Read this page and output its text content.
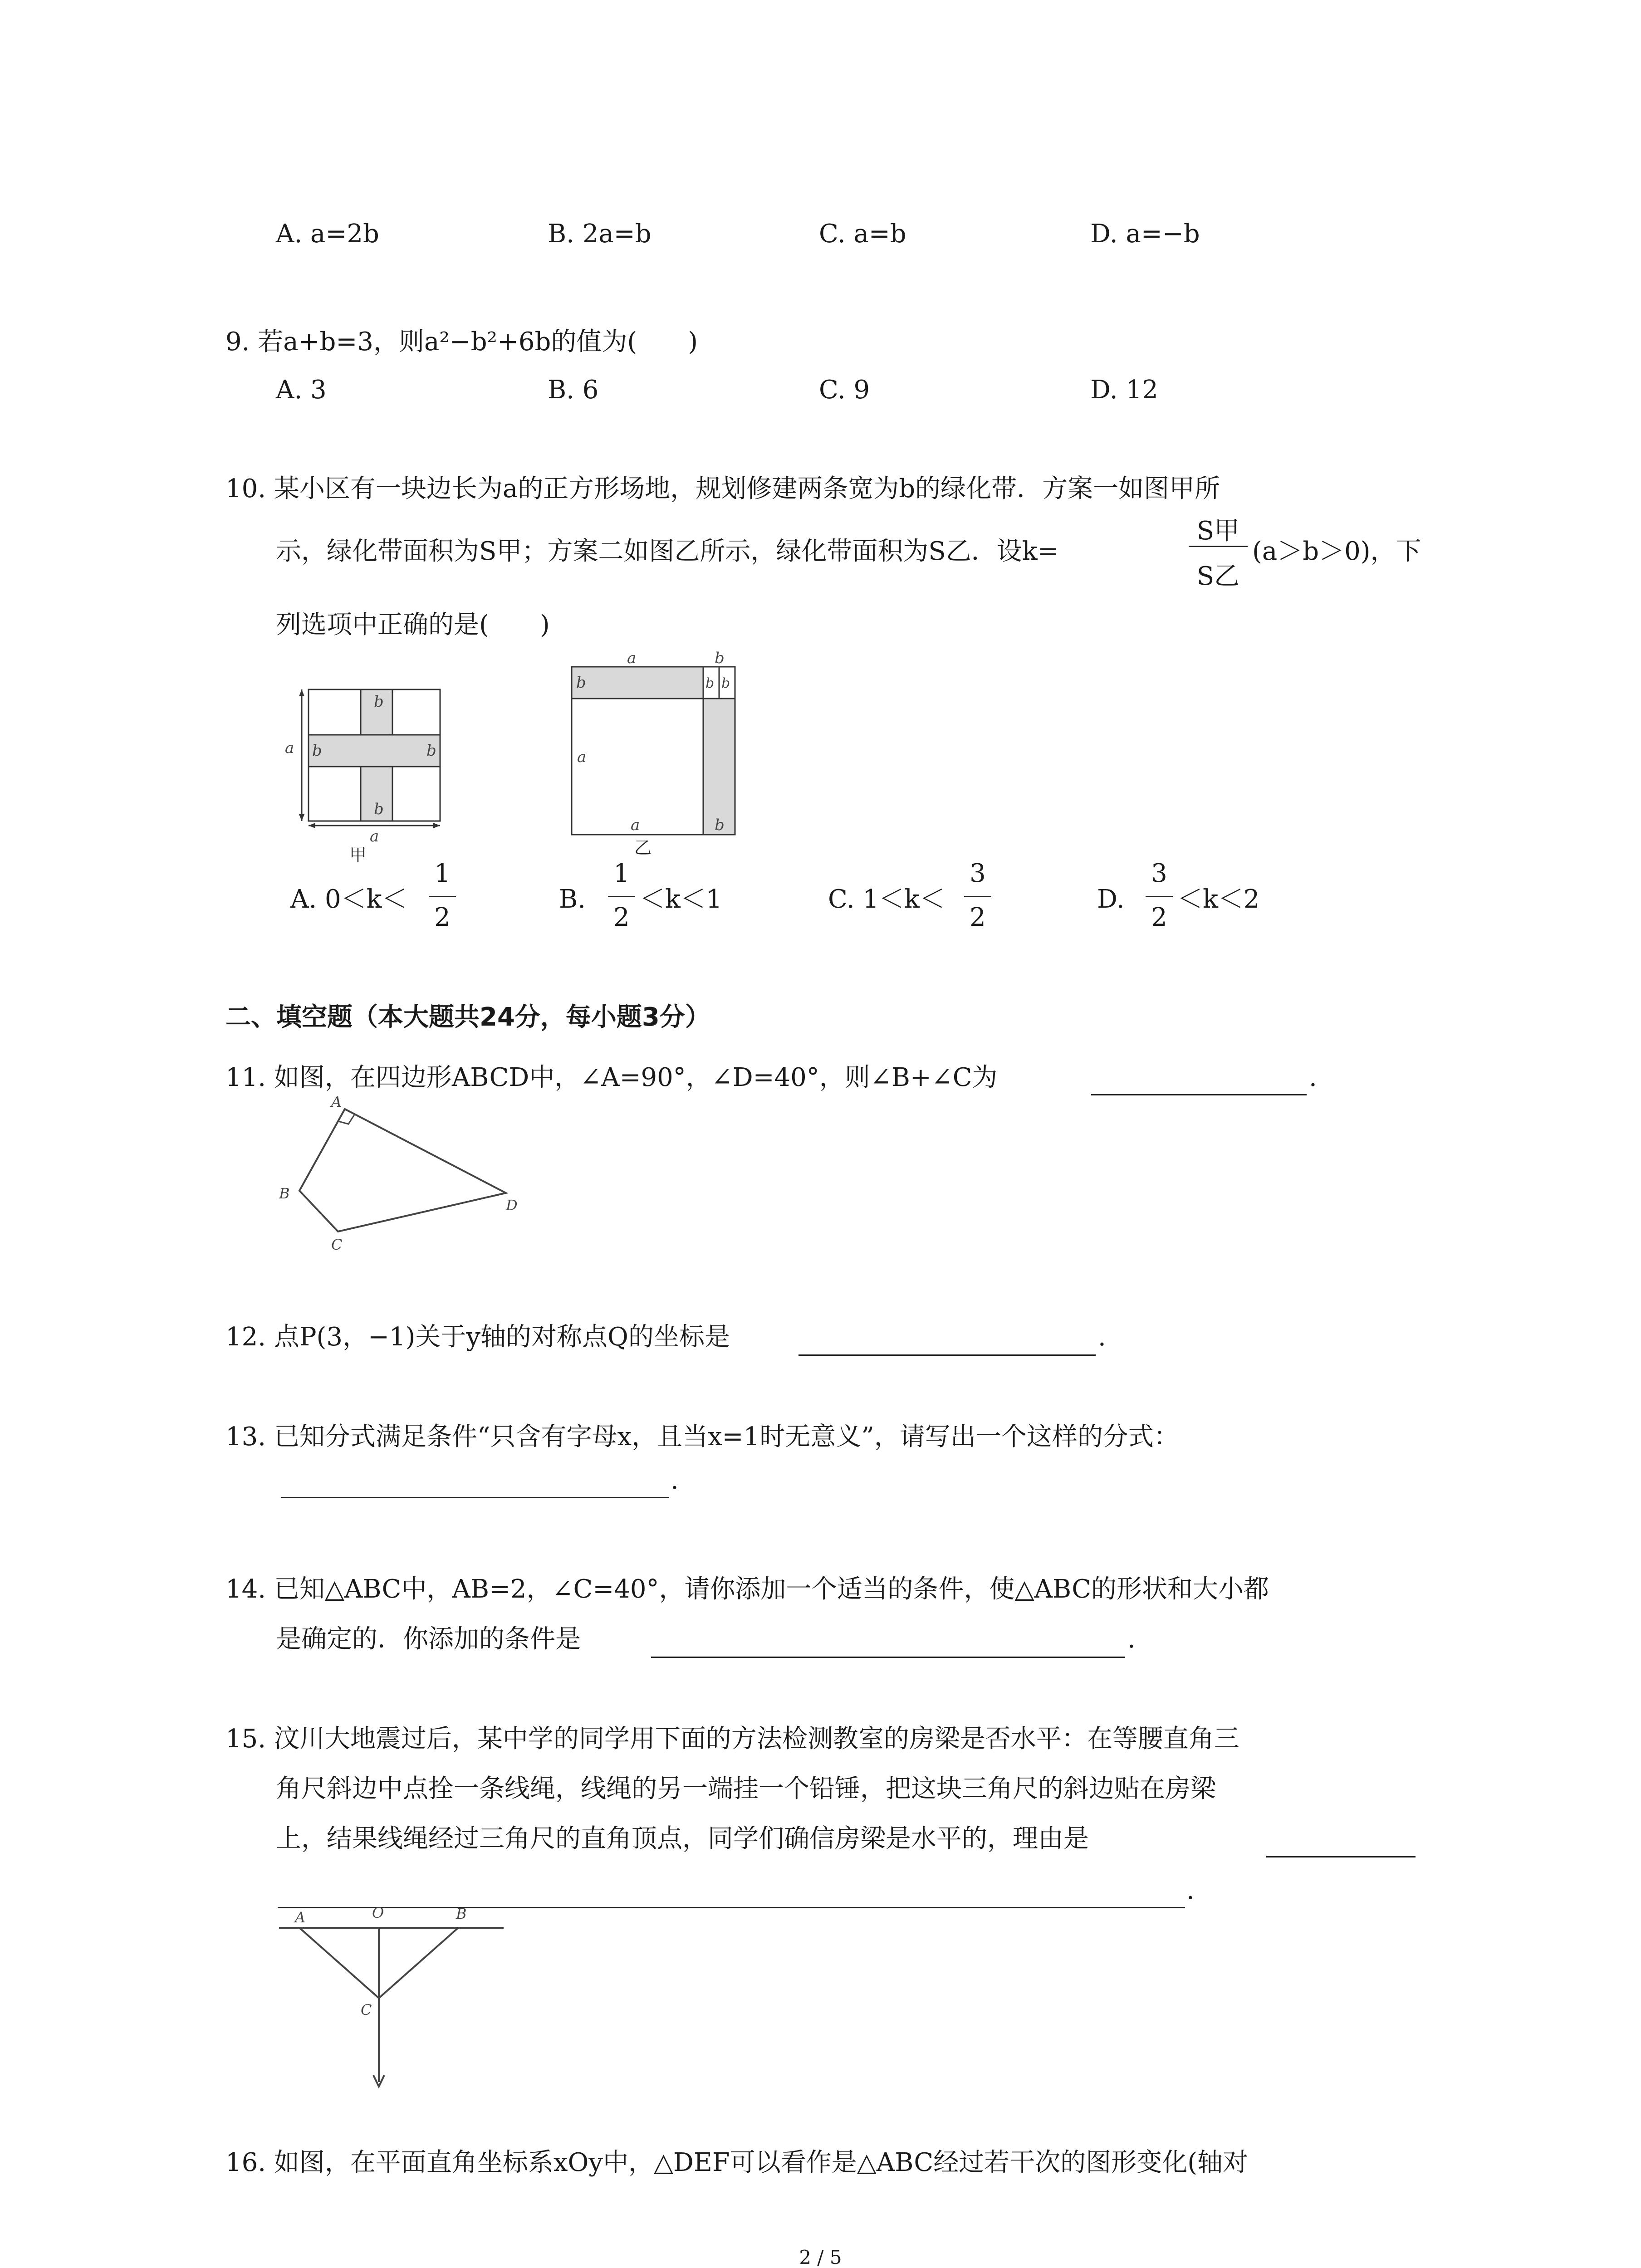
A. a=2b	B. 2a=b	C. a=b	D. a=−b
9. 若a+b=3，则a²−b²+6b的值为(　　)
A. 3	B. 6	C. 9	D. 12
10. 某小区有一块边长为a的正方形场地，规划修建两条宽为b的绿化带．方案一如图甲所
示，绿化带面积为S甲；方案二如图乙所示，绿化带面积为S乙．设k=
S甲
S乙
(a＞b＞0)，下
列选项中正确的是(　　)
a
b
b	b
b
a
甲
a	b
b	b b
a
a	b
乙
A. 0＜k＜
1
2
B.
1
2
＜k＜1	C. 1＜k＜
3
2
D.
3
2
＜k＜2
二、填空题（本大题共24分，每小题3分）
11. 如图，在四边形ABCD中，∠A=90°，∠D=40°，则∠B+∠C为	.
A
B
C
D
12. 点P(3，−1)关于y轴的对称点Q的坐标是	.
13. 已知分式满足条件“只含有字母x，且当x=1时无意义”，请写出一个这样的分式：
.
14. 已知△ABC中，AB=2，∠C=40°，请你添加一个适当的条件，使△ABC的形状和大小都
是确定的．你添加的条件是	.
15. 汶川大地震过后，某中学的同学用下面的方法检测教室的房梁是否水平：在等腰直角三
角尺斜边中点拴一条线绳，线绳的另一端挂一个铅锤，把这块三角尺的斜边贴在房梁
上，结果线绳经过三角尺的直角顶点，同学们确信房梁是水平的，理由是
.
A	O	B
C
16. 如图，在平面直角坐标系xOy中，△DEF可以看作是△ABC经过若干次的图形变化(轴对
2 / 5
